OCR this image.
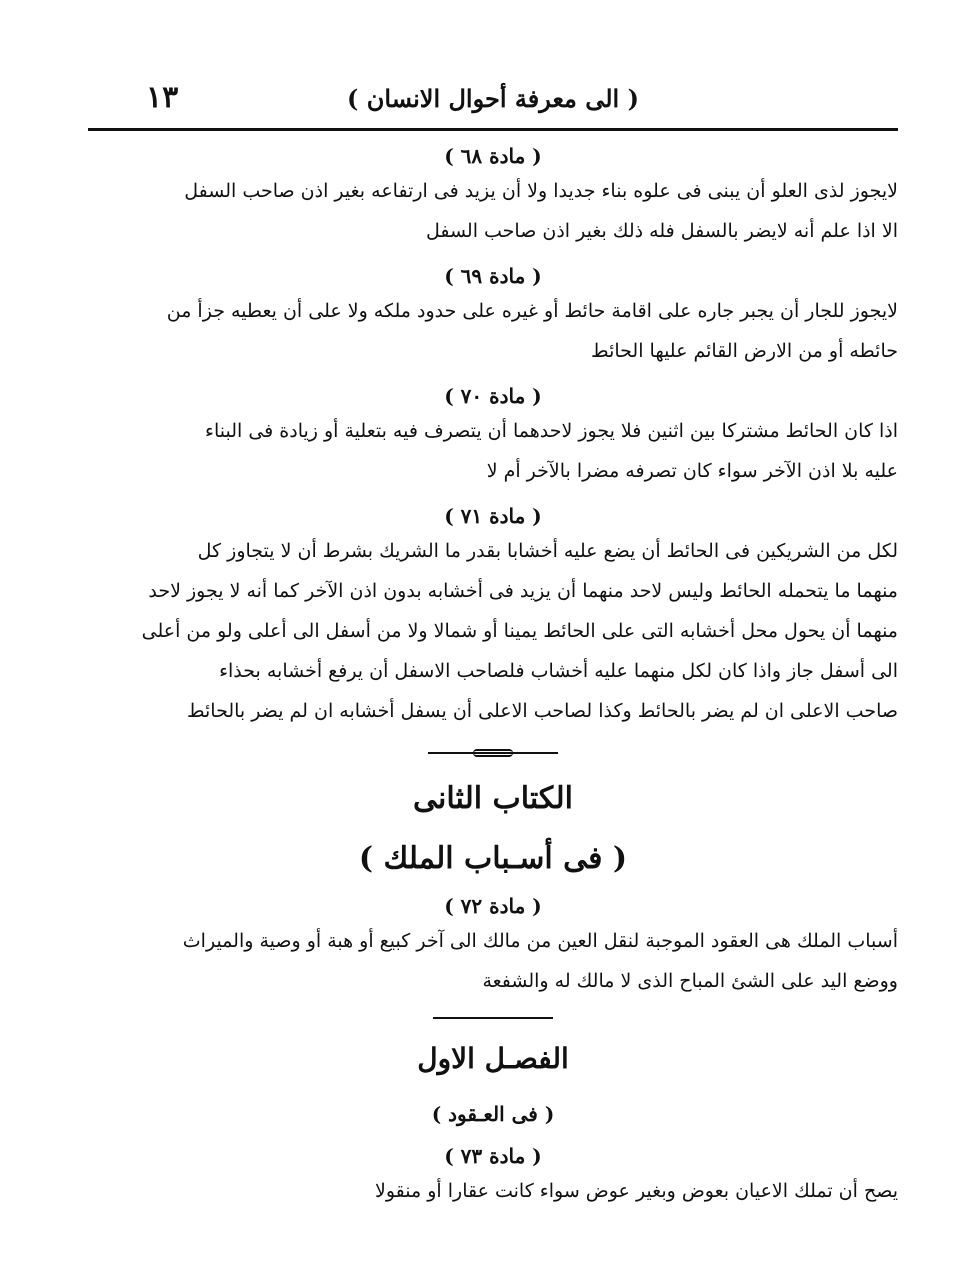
( الى معرفة أحوال الانسان )
١٣
( مادة ٦٨ )
لايجوز لذى العلو أن يبنى فى علوه بناء جديدا ولا أن يزيد فى ارتفاعه بغير اذن صاحب السفل
الا اذا علم أنه لايضر بالسفل فله ذلك بغير اذن صاحب السفل
( مادة ٦٩ )
لايجوز للجار أن يجبر جاره على اقامة حائط أو غيره على حدود ملكه ولا على أن يعطيه جزأ من
حائطه أو من الارض القائم عليها الحائط
( مادة ٧٠ )
اذا كان الحائط مشتركا بين اثنين فلا يجوز لاحدهما أن يتصرف فيه بتعلية أو زيادة فى البناء
عليه بلا اذن الآخر سواء كان تصرفه مضرا بالآخر أم لا
( مادة ٧١ )
لكل من الشريكين فى الحائط أن يضع عليه أخشابا بقدر ما الشريك بشرط أن لا يتجاوز كل
منهما ما يتحمله الحائط وليس لاحد منهما أن يزيد فى أخشابه بدون اذن الآخر كما أنه لا يجوز لاحد
منهما أن يحول محل أخشابه التى على الحائط يمينا أو شمالا ولا من أسفل الى أعلى ولو من أعلى
الى أسفل جاز واذا كان لكل منهما عليه أخشاب فلصاحب الاسفل أن يرفع أخشابه بحذاء
صاحب الاعلى ان لم يضر بالحائط وكذا لصاحب الاعلى أن يسفل أخشابه ان لم يضر بالحائط
الكتاب الثانى
( فى أسـباب الملك )
( مادة ٧٢ )
أسباب الملك هى العقود الموجبة لنقل العين من مالك الى آخر كبيع أو هبة أو وصية والميراث
ووضع اليد على الشئ المباح الذى لا مالك له والشفعة
الفصـل الاول
( فى العـقود )
( مادة ٧٣ )
يصح أن تملك الاعيان بعوض وبغير عوض سواء كانت عقارا أو منقولا
